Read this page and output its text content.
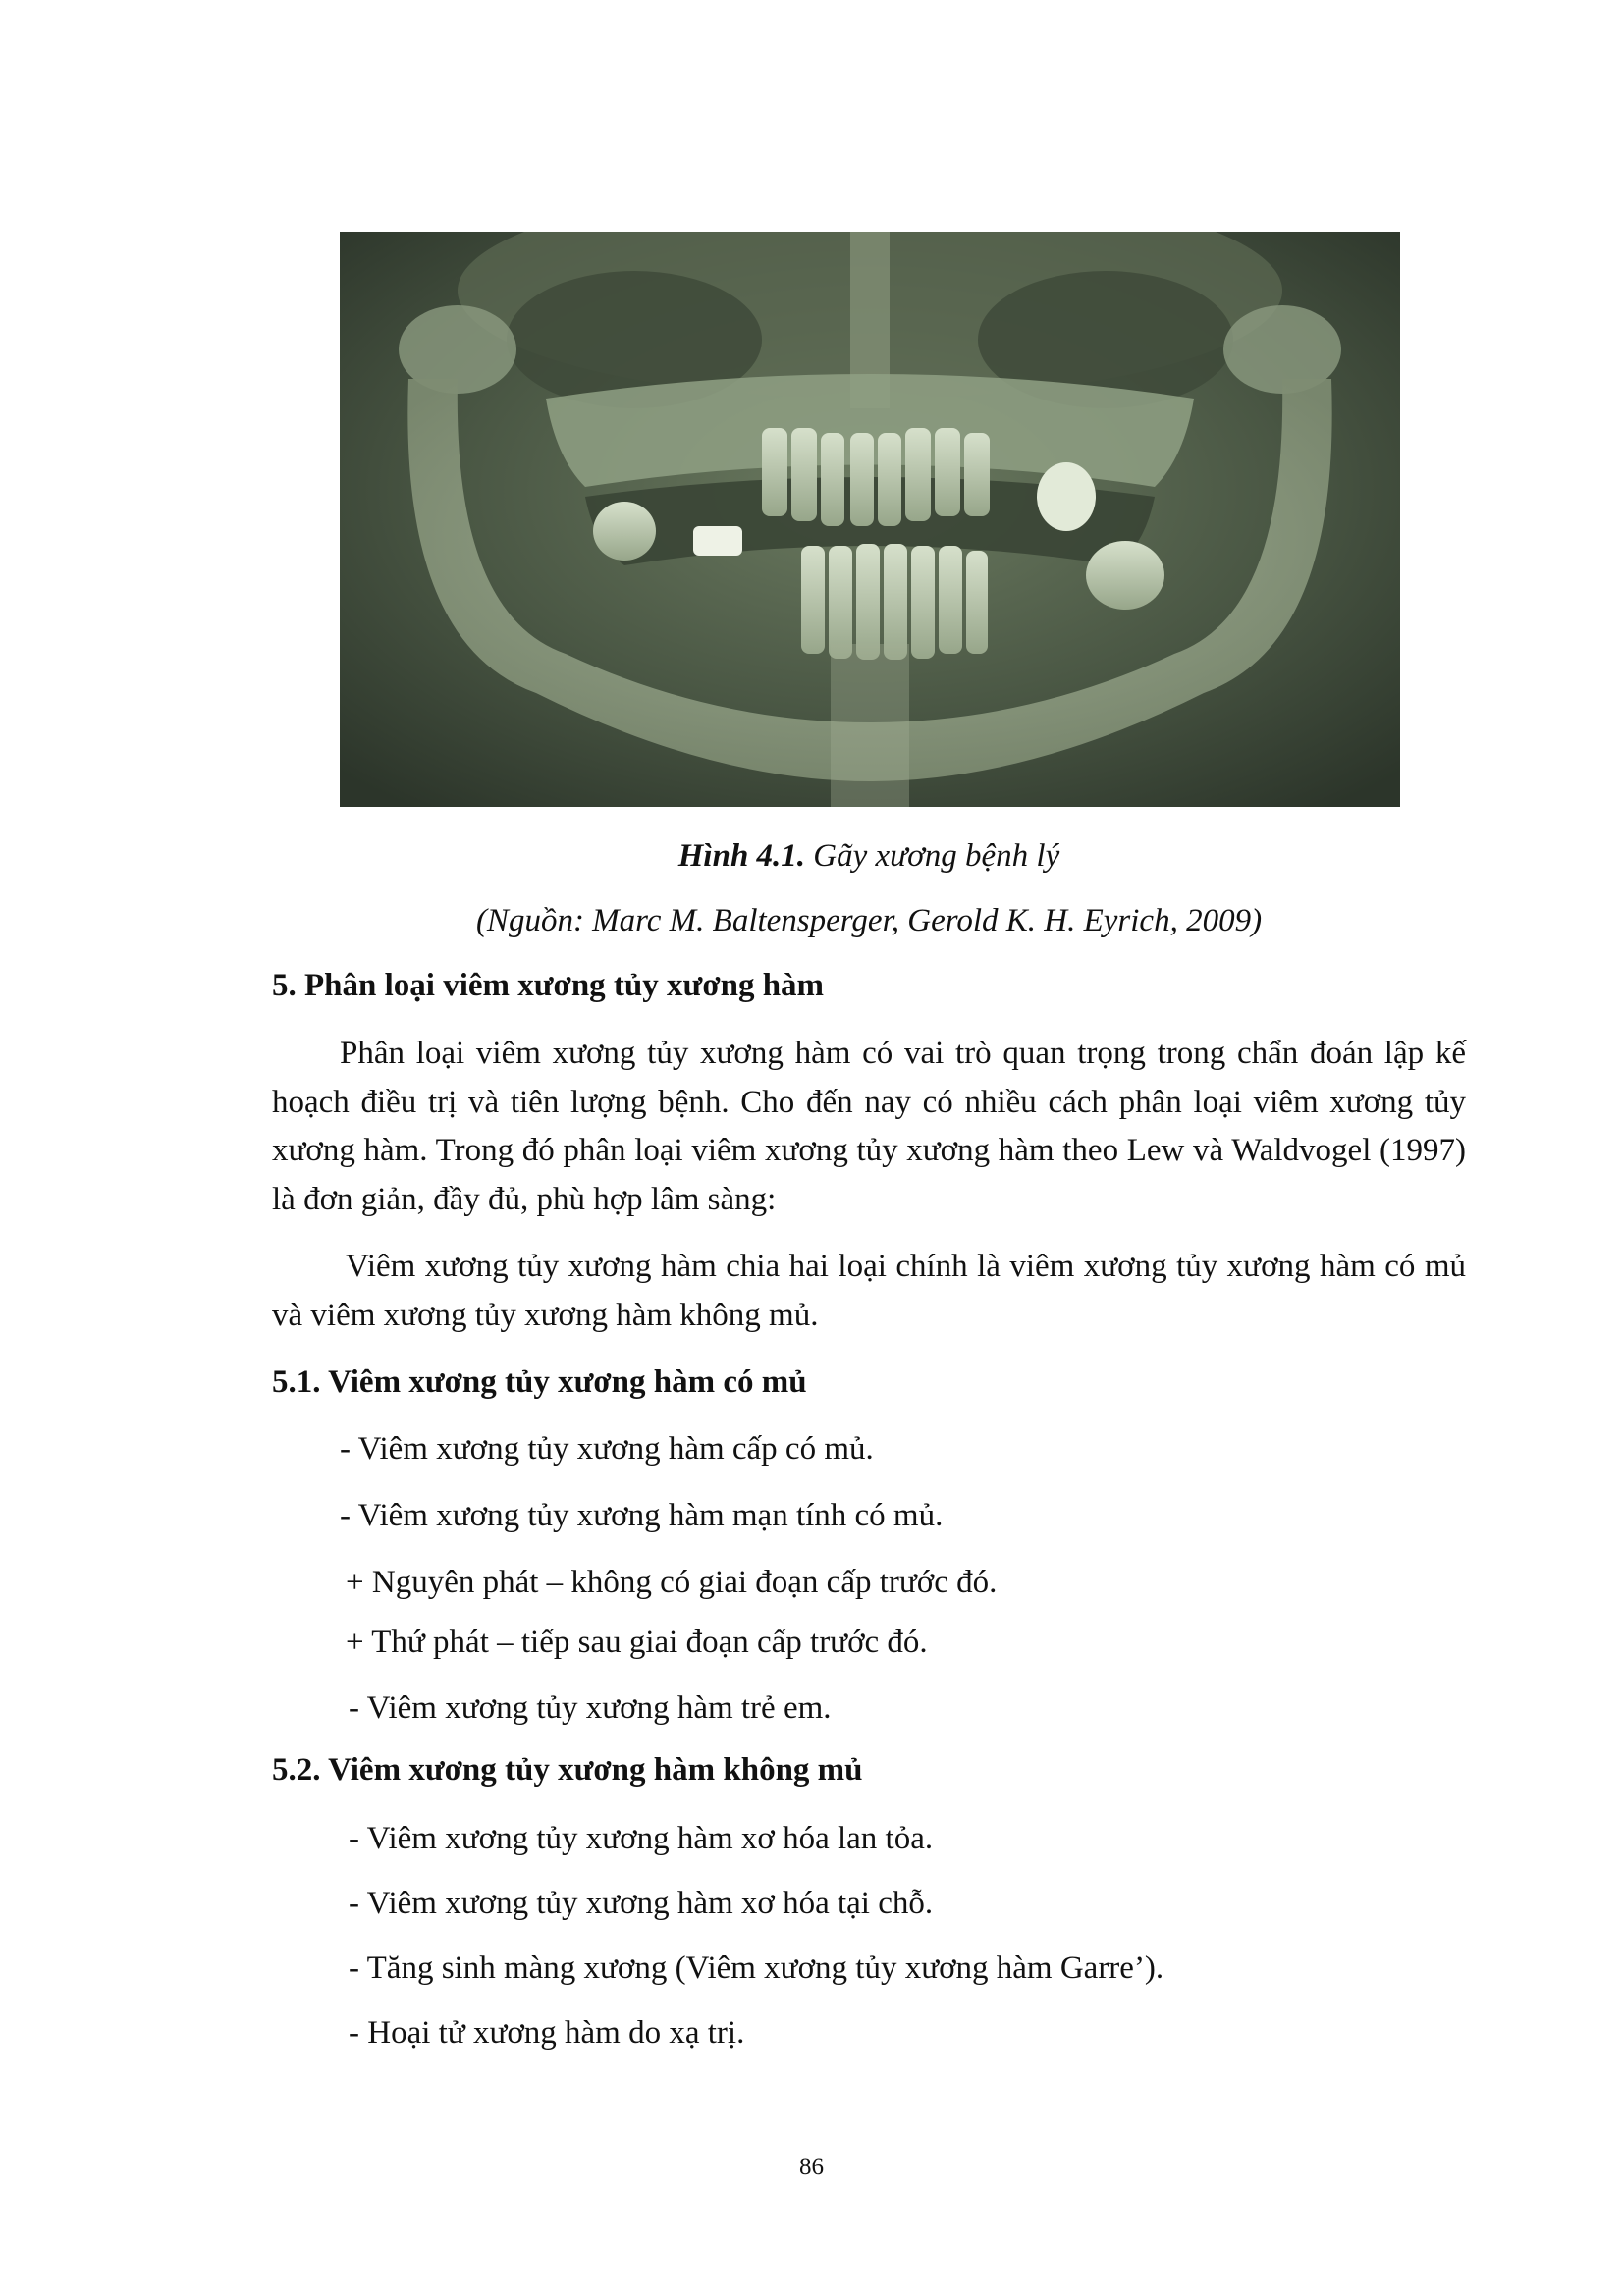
Hình 4.1. Gãy xương bệnh lý
(Nguồn: Marc M. Baltensperger, Gerold K. H. Eyrich, 2009)
5. Phân loại viêm xương tủy xương hàm
Phân loại viêm xương tủy xương hàm có vai trò quan trọng trong chẩn đoán lập kế hoạch điều trị và tiên lượng bệnh. Cho đến nay có nhiều cách phân loại viêm xương tủy xương hàm. Trong đó phân loại viêm xương tủy xương hàm theo Lew và Waldvogel (1997) là đơn giản, đầy đủ, phù hợp lâm sàng:
Viêm xương tủy xương hàm chia hai loại chính là viêm xương tủy xương hàm có mủ và viêm xương tủy xương hàm không mủ.
5.1. Viêm xương tủy xương hàm có mủ
- Viêm xương tủy xương hàm cấp có mủ.
- Viêm xương tủy xương hàm mạn tính có mủ.
+ Nguyên phát – không có giai đoạn cấp trước đó.
+ Thứ phát – tiếp sau giai đoạn cấp trước đó.
- Viêm xương tủy xương hàm trẻ em.
5.2. Viêm xương tủy xương hàm không mủ
- Viêm xương tủy xương hàm xơ hóa lan tỏa.
- Viêm xương tủy xương hàm xơ hóa tại chỗ.
- Tăng sinh màng xương (Viêm xương tủy xương hàm Garre’).
- Hoại tử xương hàm do xạ trị.
86
